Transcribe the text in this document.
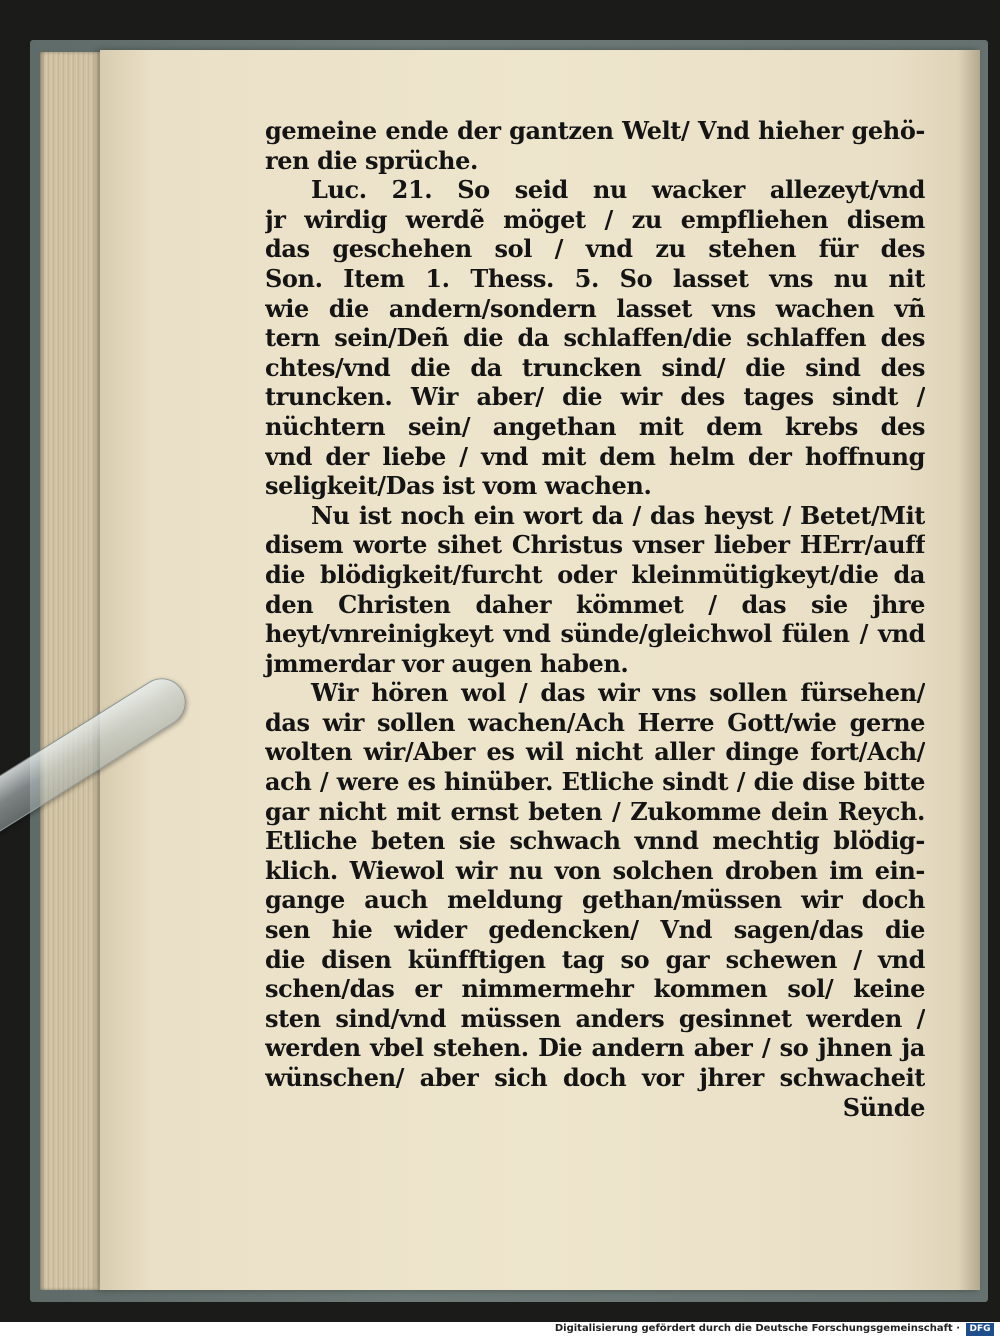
gemeine ende der gantzen Welt/ Vnd hieher gehö-
ren die sprüche.
Luc. 21. So seid nu wacker allezeyt/vnd
jr wirdig werdẽ möget / zu empfliehen disem
das geschehen sol / vnd zu stehen für des
Son. Item 1. Thess. 5. So lasset vns nu nit
wie die andern/sondern lasset vns wachen vñ
tern sein/Deñ die da schlaffen/die schlaffen des
chtes/vnd die da truncken sind/ die sind des
truncken. Wir aber/ die wir des tages sindt /
nüchtern sein/ angethan mit dem krebs des
vnd der liebe / vnd mit dem helm der hoffnung
seligkeit/Das ist vom wachen.
Nu ist noch ein wort da / das heyst / Betet/Mit
disem worte sihet Christus vnser lieber HErr/auff
die blödigkeit/furcht oder kleinmütigkeyt/die da
den Christen daher kömmet / das sie jhre
heyt/vnreinigkeyt vnd sünde/gleichwol fülen / vnd
jmmerdar vor augen haben.
Wir hören wol / das wir vns sollen fürsehen/
das wir sollen wachen/Ach Herre Gott/wie gerne
wolten wir/Aber es wil nicht aller dinge fort/Ach/
ach / were es hinüber. Etliche sindt / die dise bitte
gar nicht mit ernst beten / Zukomme dein Reych.
Etliche beten sie schwach vnnd mechtig blödig-
klich. Wiewol wir nu von solchen droben im ein-
gange auch meldung gethan/müssen wir doch
sen hie wider gedencken/ Vnd sagen/das die
die disen künfftigen tag so gar schewen / vnd
schen/das er nimmermehr kommen sol/ keine
sten sind/vnd müssen anders gesinnet werden /
werden vbel stehen. Die andern aber / so jhnen ja
wünschen/ aber sich doch vor jhrer schwacheit
Sünde
Digitalisierung gefördert durch die Deutsche Forschungsgemeinschaft ·	DFG
